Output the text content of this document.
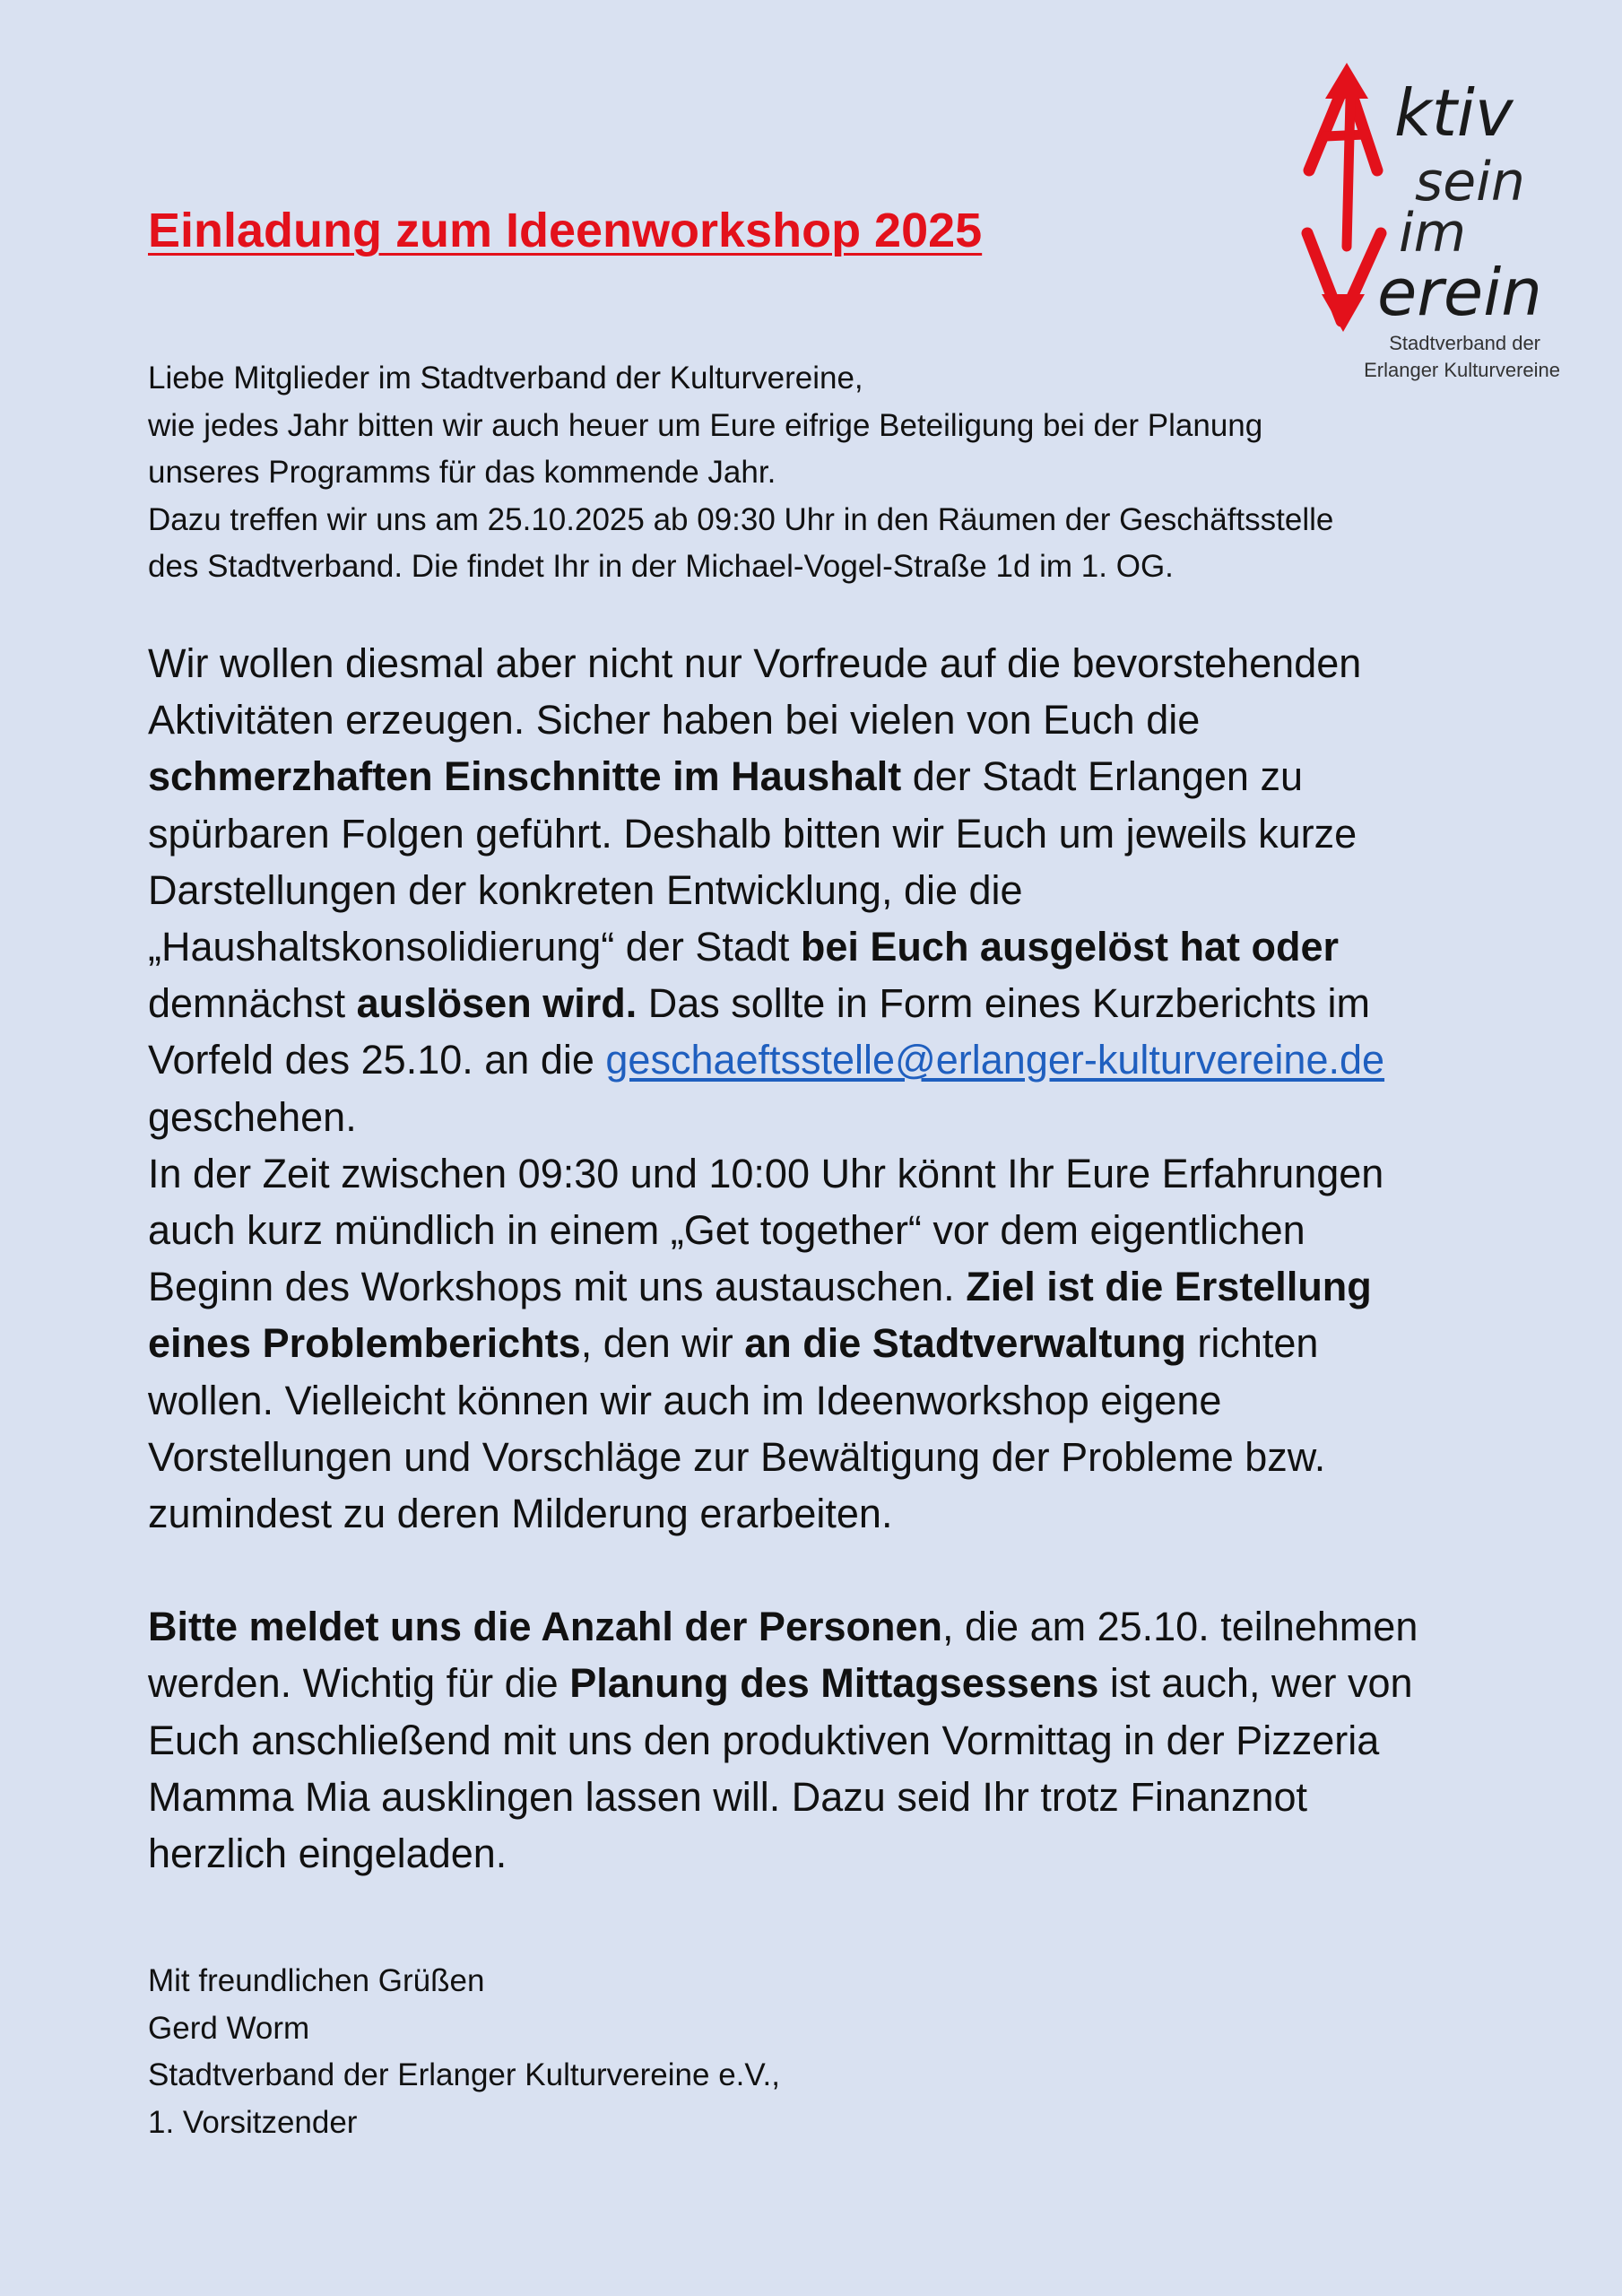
ktiv
sein
im
erein
Stadtverband der
Erlanger Kulturvereine
Einladung zum Ideenworkshop 2025
Liebe Mitglieder im Stadtverband der Kulturvereine,
wie jedes Jahr bitten wir auch heuer um Eure eifrige Beteiligung bei der Planung
unseres Programms für das kommende Jahr.
Dazu treffen wir uns am 25.10.2025 ab 09:30 Uhr in den Räumen der Geschäftsstelle
des Stadtverband. Die findet Ihr in der Michael-Vogel-Straße 1d im 1. OG.

Wir wollen diesmal aber nicht nur Vorfreude auf die bevorstehenden
Aktivitäten erzeugen. Sicher haben bei vielen von Euch die
schmerzhaften Einschnitte im Haushalt der Stadt Erlangen zu
spürbaren Folgen geführt. Deshalb bitten wir Euch um jeweils kurze
Darstellungen der konkreten Entwicklung, die die
„Haushaltskonsolidierung“ der Stadt bei Euch ausgelöst hat oder
demnächst auslösen wird. Das sollte in Form eines Kurzberichts im
Vorfeld des 25.10. an die geschaeftsstelle@erlanger-kulturvereine.de
geschehen.
In der Zeit zwischen 09:30 und 10:00 Uhr könnt Ihr Eure Erfahrungen
auch kurz mündlich in einem „Get together“ vor dem eigentlichen
Beginn des Workshops mit uns austauschen. Ziel ist die Erstellung
eines Problemberichts, den wir an die Stadtverwaltung richten
wollen. Vielleicht können wir auch im Ideenworkshop eigene
Vorstellungen und Vorschläge zur Bewältigung der Probleme bzw.
zumindest zu deren Milderung erarbeiten.

Bitte meldet uns die Anzahl der Personen, die am 25.10. teilnehmen
werden. Wichtig für die Planung des Mittagsessens ist auch, wer von
Euch anschließend mit uns den produktiven Vormittag in der Pizzeria
Mamma Mia ausklingen lassen will. Dazu seid Ihr trotz Finanznot
herzlich eingeladen.

Mit freundlichen Grüßen
Gerd Worm
Stadtverband der Erlanger Kulturvereine e.V.,
1. Vorsitzender
